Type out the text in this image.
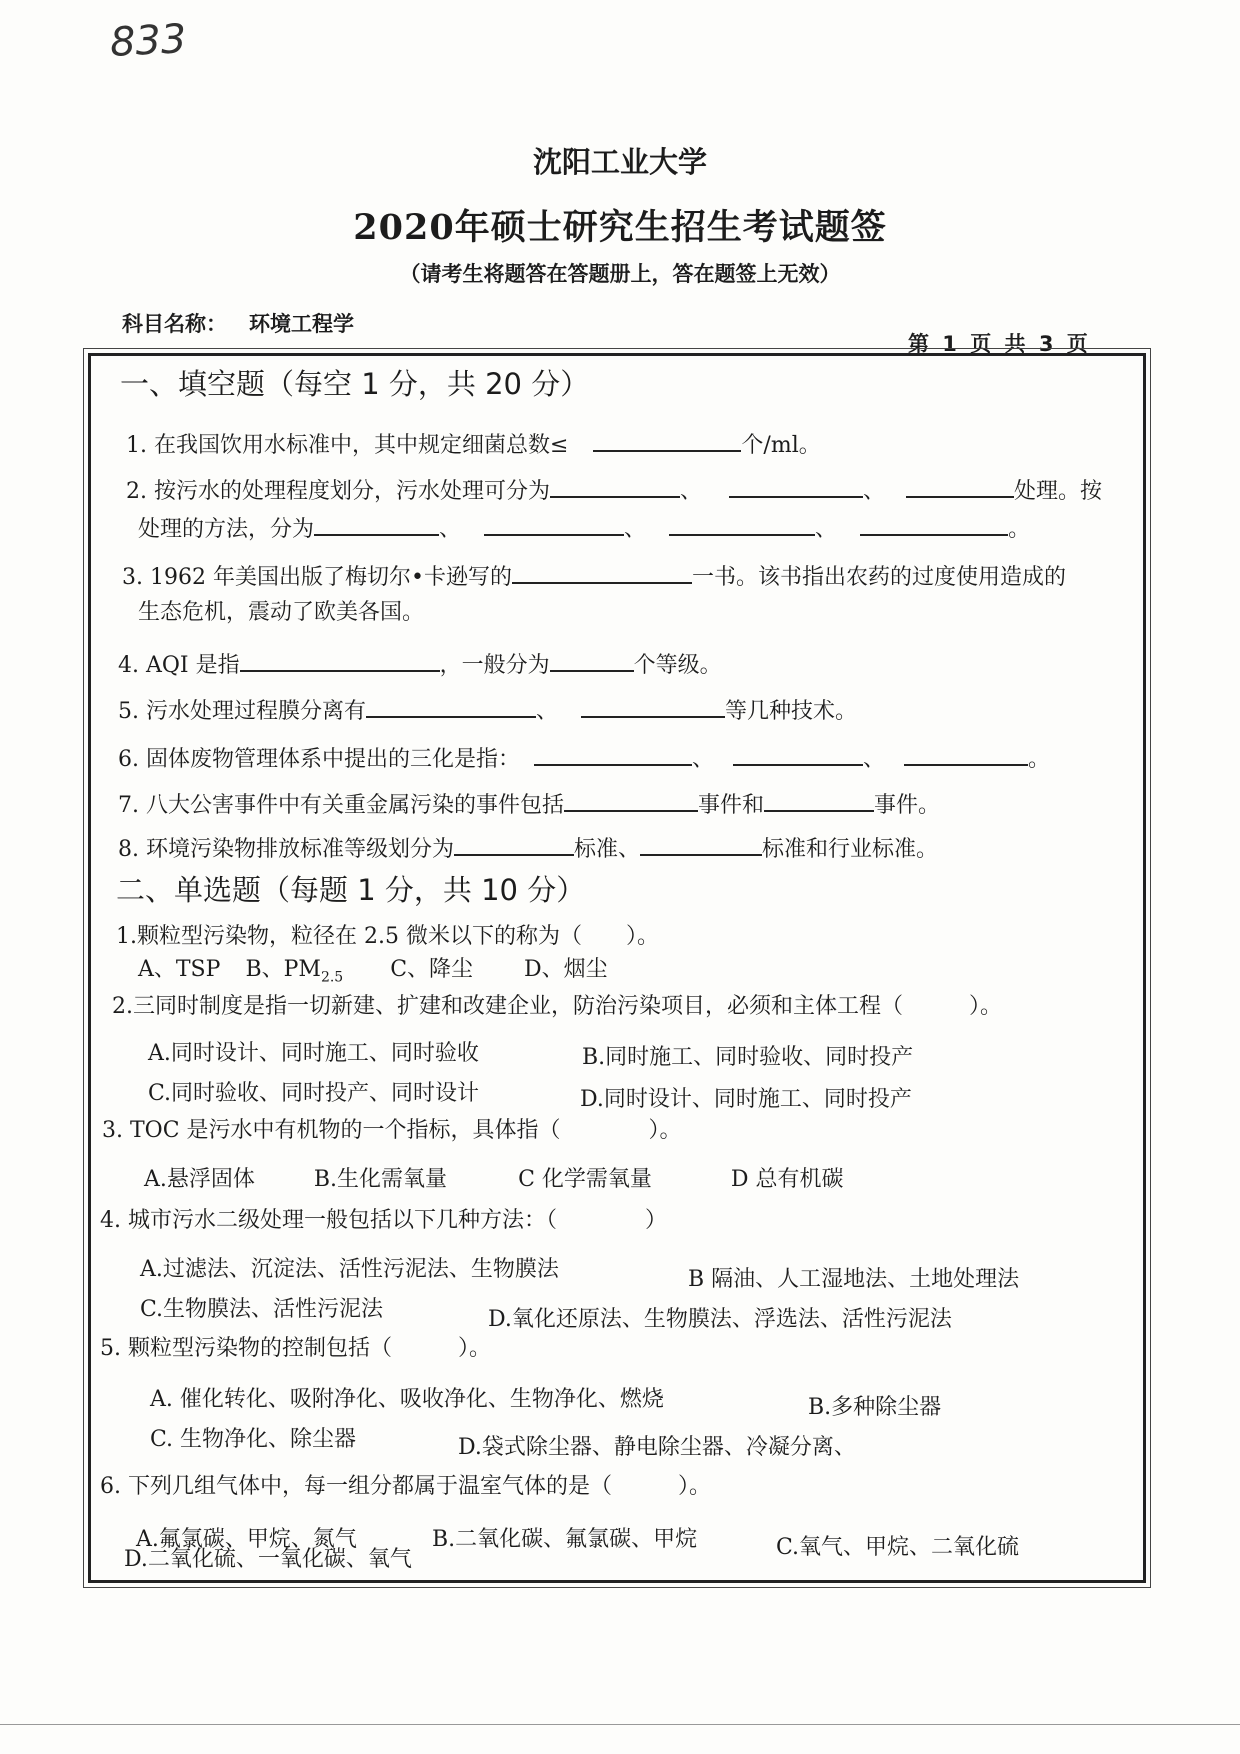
833
沈阳工业大学
2020年硕士研究生招生考试题签
（请考生将题答在答题册上，答在题签上无效）
科目名称： 环境工程学
第 1 页 共 3 页
一、填空题（每空 1 分，共 20 分）
1. 在我国饮用水标准中，其中规定细菌总数≤	个/ml。
2. 按污水的处理程度划分，污水处理可分为	、	、	处理。按
处理的方法，分为	、	、	、	。
3. 1962 年美国出版了梅切尔•卡逊写的	一书。该书指出农药的过度使用造成的
生态危机，震动了欧美各国。
4. AQI 是指	，一般分为	个等级。
5. 污水处理过程膜分离有	、	等几种技术。
6. 固体废物管理体系中提出的三化是指：	、	、	。
7. 八大公害事件中有关重金属污染的事件包括	事件和	事件。
8. 环境污染物排放标准等级划分为	标准、	标准和行业标准。
二、单选题（每题 1 分，共 10 分）
1.颗粒型污染物，粒径在 2.5 微米以下的称为（　　）。
A、TSP B、$PM_{2.5}$ C、降尘 D、烟尘
2.三同时制度是指一切新建、扩建和改建企业，防治污染项目，必须和主体工程（　　　）。
A.同时设计、同时施工、同时验收	B.同时施工、同时验收、同时投产
C.同时验收、同时投产、同时设计	D.同时设计、同时施工、同时投产
3. TOC 是污水中有机物的一个指标，具体指（　　　　）。
A.悬浮固体	B.生化需氧量	C 化学需氧量	D 总有机碳
4. 城市污水二级处理一般包括以下几种方法：（　　　　）
A.过滤法、沉淀法、活性污泥法、生物膜法	B 隔油、人工湿地法、土地处理法
C.生物膜法、活性污泥法	D.氧化还原法、生物膜法、浮选法、活性污泥法
5. 颗粒型污染物的控制包括（　　　）。
A. 催化转化、吸附净化、吸收净化、生物净化、燃烧	B.多种除尘器
C. 生物净化、除尘器	D.袋式除尘器、静电除尘器、冷凝分离、
6. 下列几组气体中，每一组分都属于温室气体的是（　　　）。
A.氟氯碳、甲烷、氮气	B.二氧化碳、氟氯碳、甲烷	C.氧气、甲烷、二氧化硫
D.二氧化硫、一氧化碳、氧气
